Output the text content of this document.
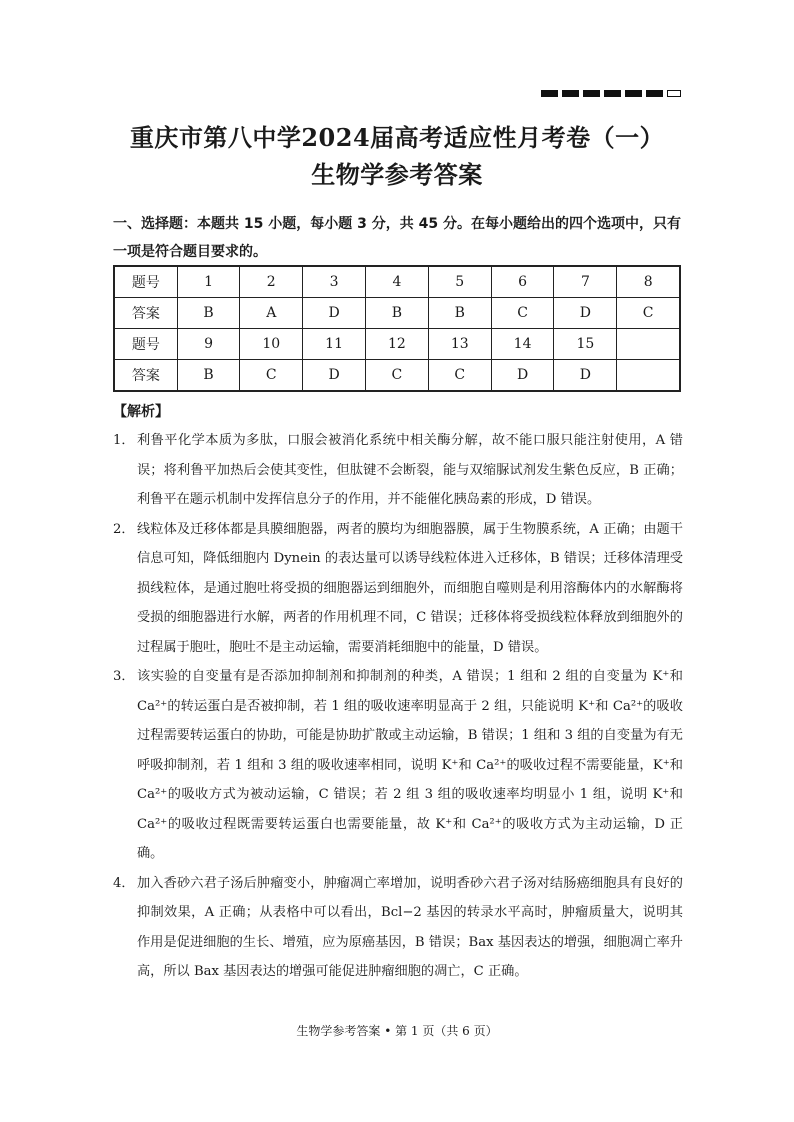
重庆市第八中学2024届高考适应性月考卷（一）
生物学参考答案
一、选择题：本题共 15 小题，每小题 3 分，共 45 分。在每小题给出的四个选项中，只有一项是符合题目要求的。
题号	1	2	3	4	5	6	7	8
答案	B	A	D	B	B	C	D	C
题号	9	10	11	12	13	14	15	
答案	B	C	D	C	C	D	D	
【解析】
1． 利鲁平化学本质为多肽，口服会被消化系统中相关酶分解，故不能口服只能注射使用，A 错误；将利鲁平加热后会使其变性，但肽键不会断裂，能与双缩脲试剂发生紫色反应，B 正确；利鲁平在题示机制中发挥信息分子的作用，并不能催化胰岛素的形成，D 错误。
2． 线粒体及迁移体都是具膜细胞器，两者的膜均为细胞器膜，属于生物膜系统，A 正确；由题干信息可知，降低细胞内 Dynein 的表达量可以诱导线粒体进入迁移体，B 错误；迁移体清理受损线粒体，是通过胞吐将受损的细胞器运到细胞外，而细胞自噬则是利用溶酶体内的水解酶将受损的细胞器进行水解，两者的作用机理不同，C 错误；迁移体将受损线粒体释放到细胞外的过程属于胞吐，胞吐不是主动运输，需要消耗细胞中的能量，D 错误。
3． 该实验的自变量有是否添加抑制剂和抑制剂的种类，A 错误；1 组和 2 组的自变量为 K⁺和 Ca²⁺的转运蛋白是否被抑制，若 1 组的吸收速率明显高于 2 组，只能说明 K⁺和 Ca²⁺的吸收过程需要转运蛋白的协助，可能是协助扩散或主动运输，B 错误；1 组和 3 组的自变量为有无呼吸抑制剂，若 1 组和 3 组的吸收速率相同，说明 K⁺和 Ca²⁺的吸收过程不需要能量，K⁺和 Ca²⁺的吸收方式为被动运输，C 错误；若 2 组 3 组的吸收速率均明显小 1 组，说明 K⁺和 Ca²⁺的吸收过程既需要转运蛋白也需要能量，故 K⁺和 Ca²⁺的吸收方式为主动运输，D 正确。
4． 加入香砂六君子汤后肿瘤变小，肿瘤凋亡率增加，说明香砂六君子汤对结肠癌细胞具有良好的抑制效果，A 正确；从表格中可以看出，Bcl−2 基因的转录水平高时，肿瘤质量大，说明其作用是促进细胞的生长、增殖，应为原癌基因，B 错误；Bax 基因表达的增强，细胞凋亡率升高，所以 Bax 基因表达的增强可能促进肿瘤细胞的凋亡，C 正确。
生物学参考答案 • 第 1 页（共 6 页）
